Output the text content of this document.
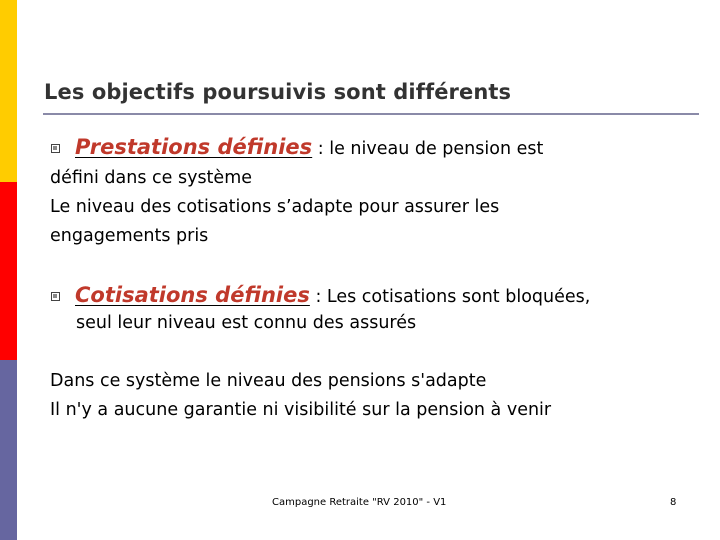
Les objectifs poursuivis sont différents
Prestations définies : le niveau de pension est
défini dans ce système
Le niveau des cotisations s’adapte pour assurer les
engagements pris
Cotisations définies : Les cotisations sont bloquées,
seul leur niveau est connu des assurés
Dans ce système le niveau des pensions s'adapte
Il n'y a aucune garantie ni visibilité sur la pension à venir
Campagne Retraite "RV 2010" - V1	8
